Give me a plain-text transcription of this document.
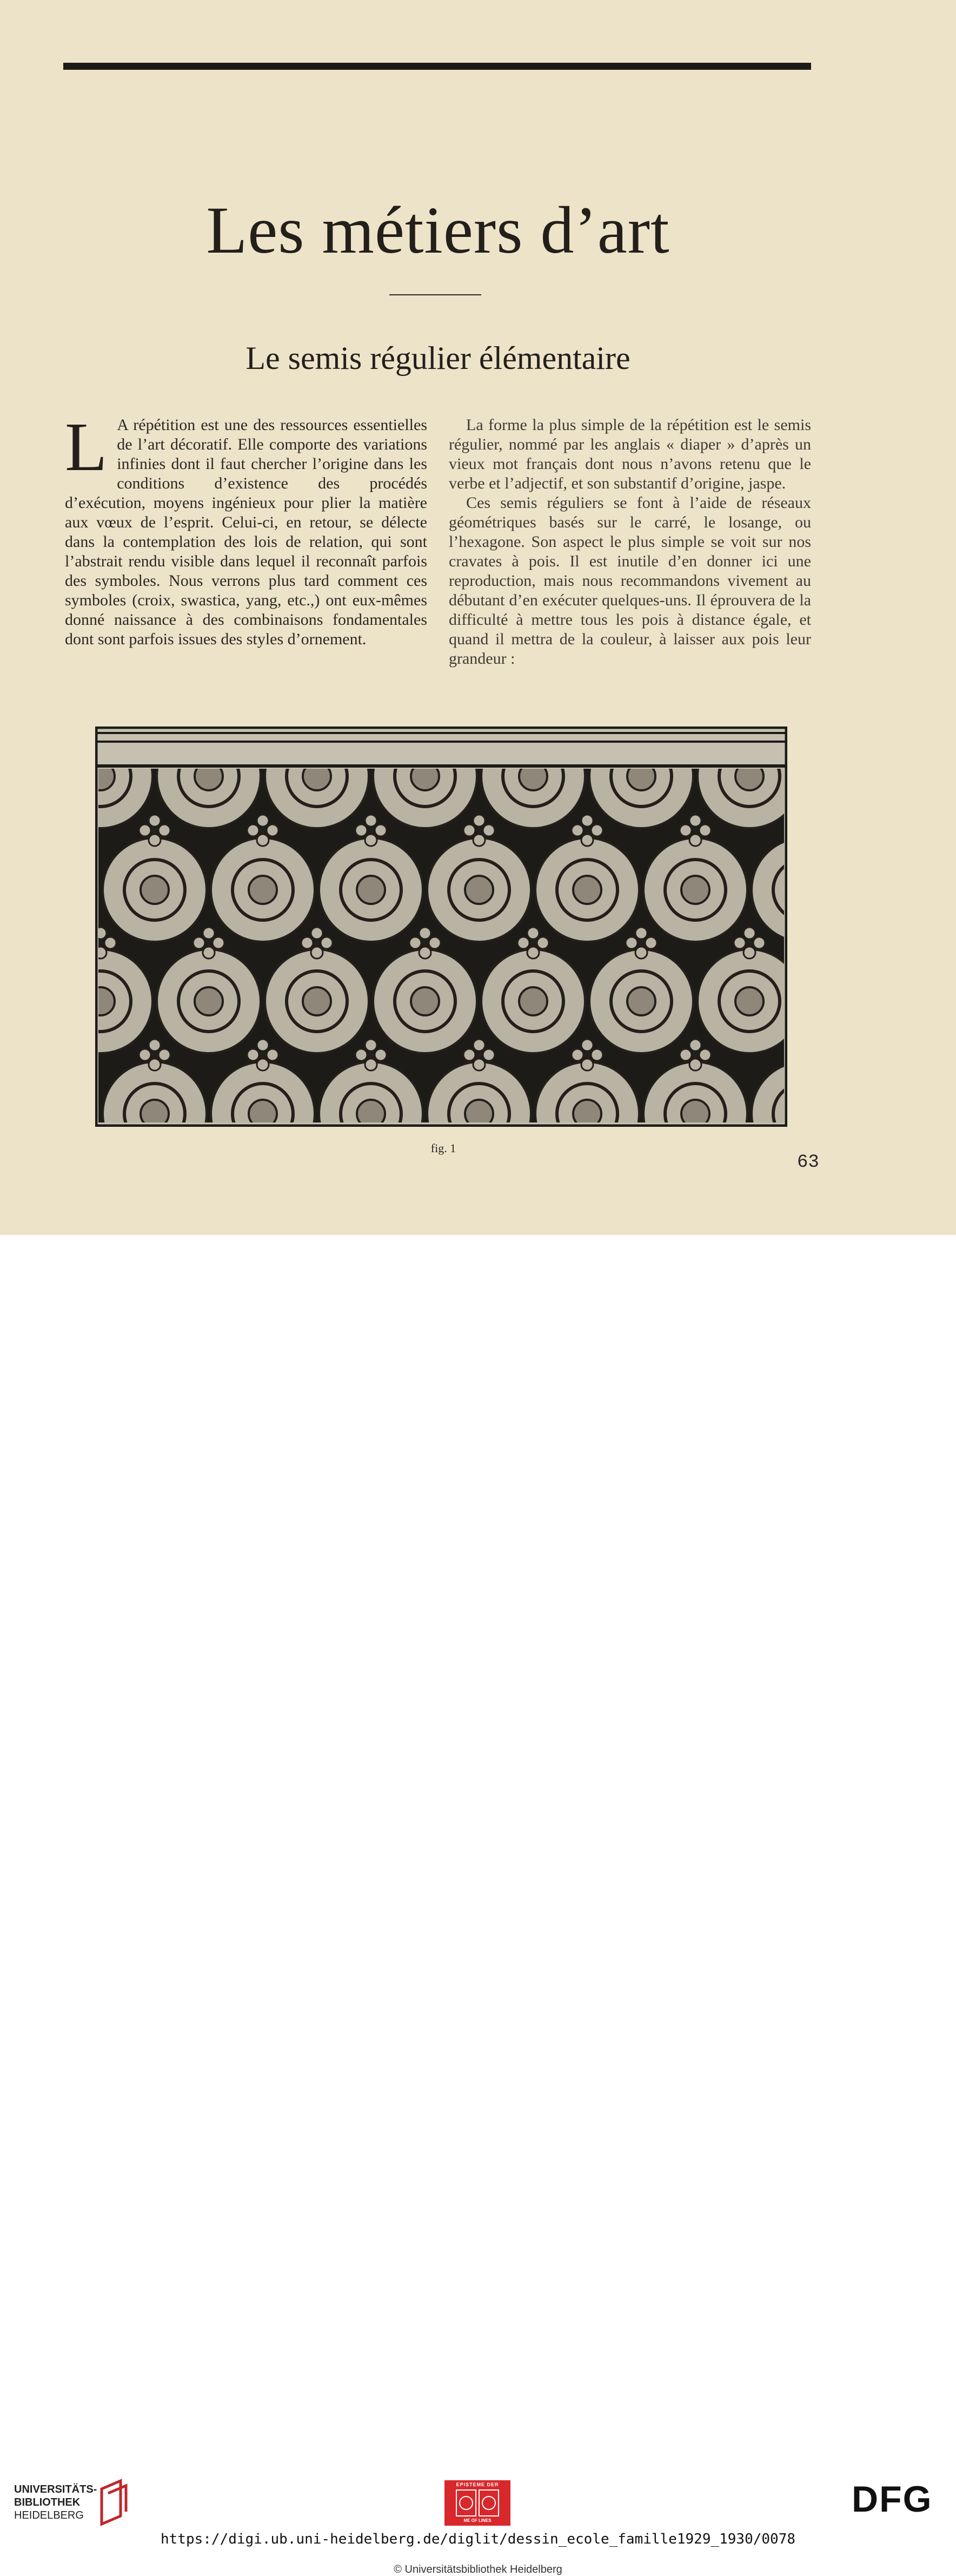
Les métiers d’art
Le semis régulier élémentaire

L A répétition est une des ressources essentielles de l’art décoratif. Elle comporte des variations infinies dont il faut chercher l’origine dans les conditions d’existence des procédés d’exécution, moyens ingénieux pour plier la matière aux vœux de l’esprit. Celui-ci, en retour, se délecte dans la contemplation des lois de relation, qui sont l’abstrait rendu visible dans lequel il reconnaît parfois des symboles. Nous verrons plus tard comment ces symboles (croix, swastica, yang, etc.,) ont eux-mêmes donné naissance à des combinaisons fondamentales dont sont parfois issues des styles d’ornement.

La forme la plus simple de la répétition est le semis régulier, nommé par les anglais « diaper » d’après un vieux mot français dont nous n’avons retenu que le verbe et l’adjectif, et son substantif d’origine, jaspe.

Ces semis réguliers se font à l’aide de réseaux géométriques basés sur le carré, le losange, ou l’hexagone. Son aspect le plus simple se voit sur nos cravates à pois. Il est inutile d’en donner ici une reproduction, mais nous recommandons vivement au débutant d’en exécuter quelques-uns. Il éprouvera de la difficulté à mettre tous les pois à distance égale, et quand il mettra de la couleur, à laisser aux pois leur grandeur :

fig. 1
63
UNIVERSITÄTS-
BIBLIOTHEK
HEIDELBERG
EPISTEME DER
ME OF LINES
DFG
https://digi.ub.uni-heidelberg.de/diglit/dessin_ecole_famille1929_1930/0078
© Universitätsbibliothek Heidelberg
